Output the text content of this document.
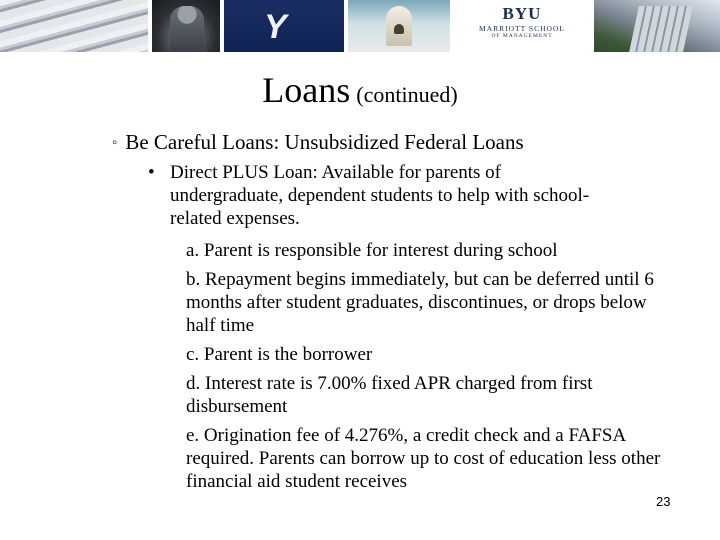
Y	BYU
MARRIOTT SCHOOL
OF MANAGEMENT
Loans (continued)
◦ Be Careful Loans: Unsubsidized Federal Loans
• Direct PLUS Loan: Available for parents of undergraduate, dependent students to help with school-related expenses.
a. Parent is responsible for interest during school
b. Repayment begins immediately, but can be deferred until 6 months after student graduates, discontinues, or drops below half time
c. Parent is the borrower
d. Interest rate is 7.00% fixed APR charged from first disbursement
e. Origination fee of 4.276%, a credit check and a FAFSA required. Parents can borrow up to cost of education less other financial aid student receives
23
